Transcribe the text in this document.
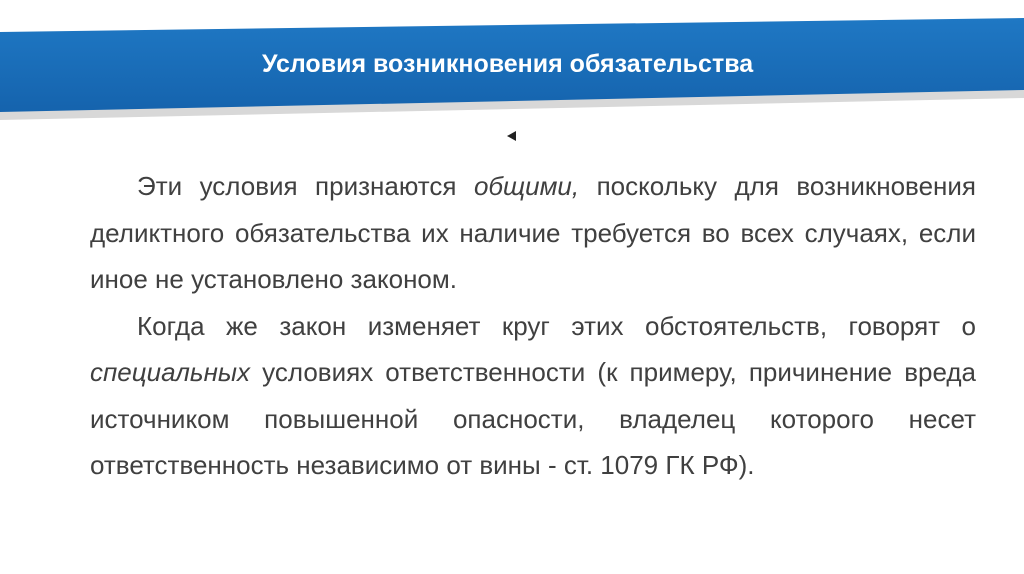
Условия возникновения обязательства

Эти условия признаются общими, поскольку для возникновения деликтного обязательства их наличие требуется во всех случаях, если иное не установлено законом.

Когда же закон изменяет круг этих обстоятельств, говорят о специальных условиях ответственности (к примеру, причинение вреда источником повышенной опасности, владелец которого несет ответственность независимо от вины - ст. 1079 ГК РФ).
